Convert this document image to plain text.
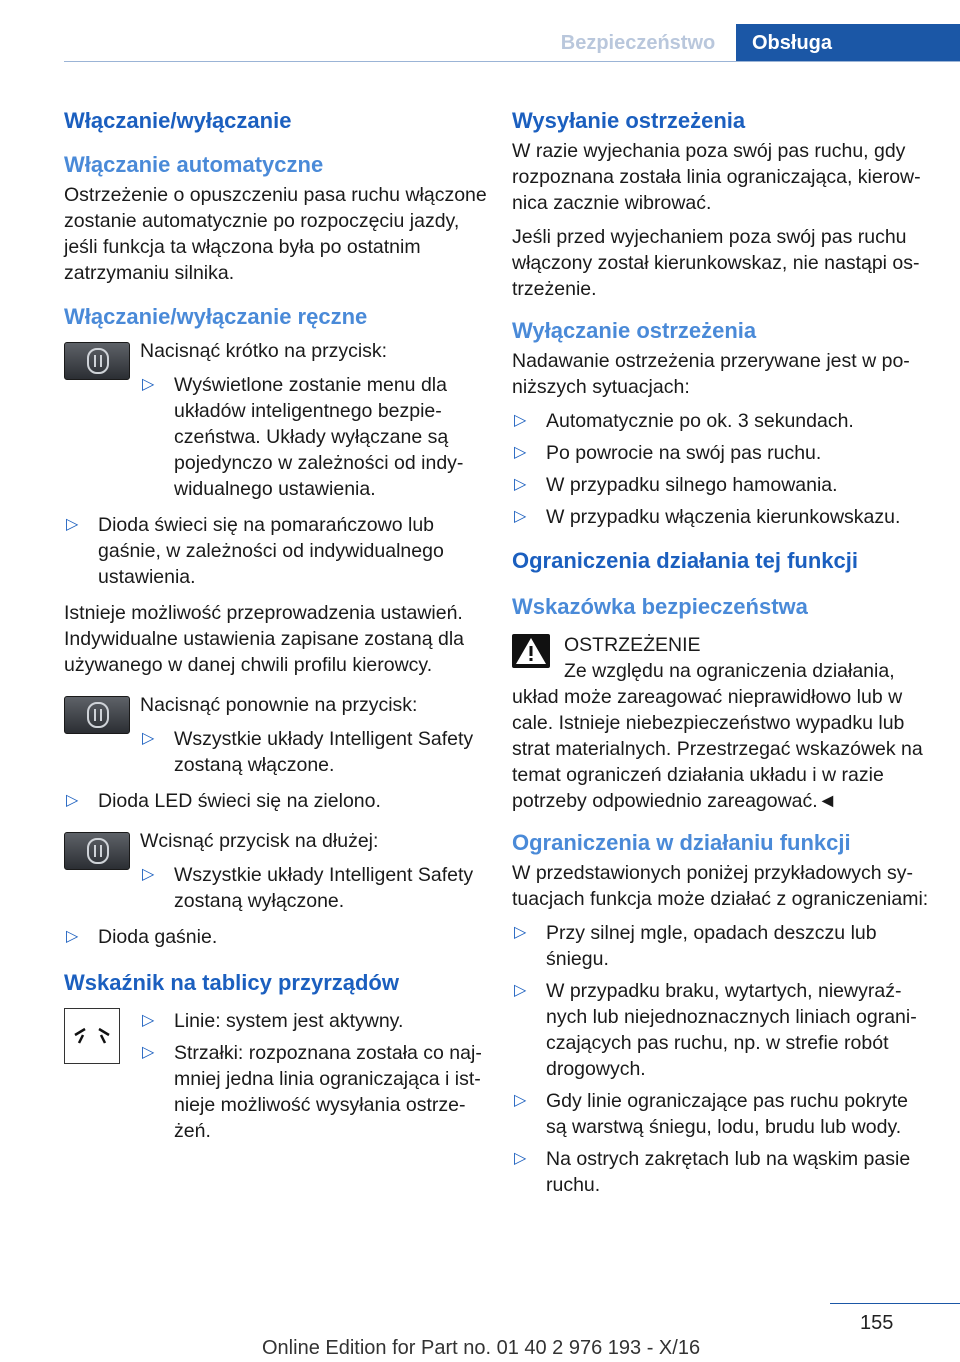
Bezpieczeństwo	Obsługa
Włączanie/wyłączanie
Włączanie automatyczne

Ostrzeżenie o opuszczeniu pasa ruchu włączone zostanie automatycznie po rozpoczęciu jazdy, jeśli funkcja ta włączona była po ostatnim zatrzymaniu silnika.

Włączanie/wyłączanie ręczne

Nacisnąć krótko na przycisk:

▷ Wyświetlone zostanie menu dla układów inteligentnego bezpieczeństwa. Układy wyłączane są pojedynczo w zależności od indywidualnego ustawienia.
▷ Dioda świeci się na pomarańczowo lub gaśnie, w zależności od indywidualnego ustawienia.

Istnieje możliwość przeprowadzenia ustawień. Indywidualne ustawienia zapisane zostaną dla używanego w danej chwili profilu kierowcy.

Nacisnąć ponownie na przycisk:

▷ Wszystkie układy Intelligent Safety zostaną włączone.
▷ Dioda LED świeci się na zielono.

Wcisnąć przycisk na dłużej:

▷ Wszystkie układy Intelligent Safety zostaną wyłączone.
▷ Dioda gaśnie.
Wskaźnik na tablicy przyrządów
▷ Linie: system jest aktywny.
▷ Strzałki: rozpoznana została co najmniej jedna linia ograniczająca i istnieje możliwość wysyłania ostrzeżeń.
Wysyłanie ostrzeżenia

W razie wyjechania poza swój pas ruchu, gdy rozpoznana została linia ograniczająca, kierownica zacznie wibrować.

Jeśli przed wyjechaniem poza swój pas ruchu włączony został kierunkowskaz, nie nastąpi ostrzeżenie.

Wyłączanie ostrzeżenia

Nadawanie ostrzeżenia przerywane jest w poniższych sytuacjach:

▷ Automatycznie po ok. 3 sekundach.
▷ Po powrocie na swój pas ruchu.
▷ W przypadku silnego hamowania.
▷ W przypadku włączenia kierunkowskazu.
Ograniczenia działania tej funkcji
Wskazówka bezpieczeństwa

OSTRZEŻENIE

Ze względu na ograniczenia działania, układ może zareagować nieprawidłowo lub w cale. Istnieje niebezpieczeństwo wypadku lub strat materialnych. Przestrzegać wskazówek na temat ograniczeń działania układu i w razie potrzeby odpowiednio zareagować.◄

Ograniczenia w działaniu funkcji

W przedstawionych poniżej przykładowych sytuacjach funkcja może działać z ograniczeniami:

▷ Przy silnej mgle, opadach deszczu lub śniegu.
▷ W przypadku braku, wytartych, niewyraźnych lub niejednoznacznych liniach ograniczających pas ruchu, np. w strefie robót drogowych.
▷ Gdy linie ograniczające pas ruchu pokryte są warstwą śniegu, lodu, brudu lub wody.
▷ Na ostrych zakrętach lub na wąskim pasie ruchu.
155
Online Edition for Part no. 01 40 2 976 193 - X/16
